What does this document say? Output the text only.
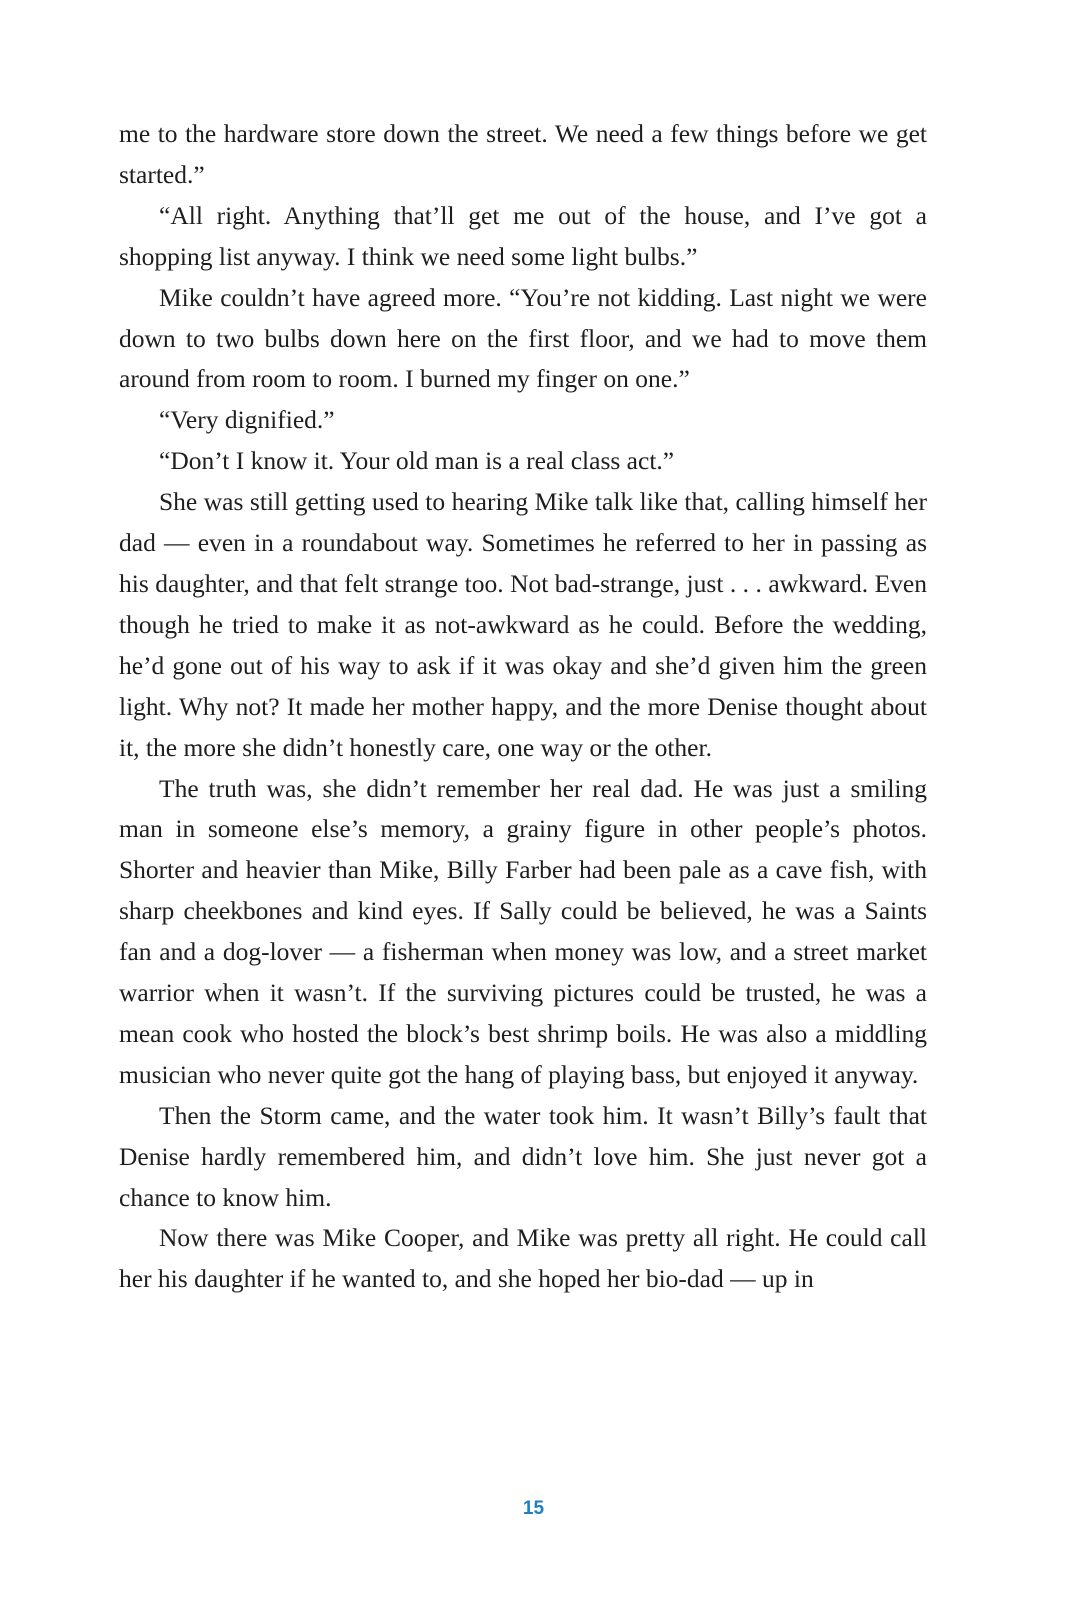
me to the hardware store down the street. We need a few things before we get started.”

“All right. Anything that’ll get me out of the house, and I’ve got a shopping list anyway. I think we need some light bulbs.”

Mike couldn’t have agreed more. “You’re not kidding. Last night we were down to two bulbs down here on the first floor, and we had to move them around from room to room. I burned my finger on one.”

“Very dignified.”

“Don’t I know it. Your old man is a real class act.”

She was still getting used to hearing Mike talk like that, calling himself her dad — even in a roundabout way. Sometimes he referred to her in passing as his daughter, and that felt strange too. Not bad-strange, just . . . awkward. Even though he tried to make it as not-awkward as he could. Before the wedding, he’d gone out of his way to ask if it was okay and she’d given him the green light. Why not? It made her mother happy, and the more Denise thought about it, the more she didn’t honestly care, one way or the other.

The truth was, she didn’t remember her real dad. He was just a smiling man in someone else’s memory, a grainy figure in other people’s photos. Shorter and heavier than Mike, Billy Farber had been pale as a cave fish, with sharp cheekbones and kind eyes. If Sally could be believed, he was a Saints fan and a dog-lover — a fisherman when money was low, and a street market warrior when it wasn’t. If the surviving pictures could be trusted, he was a mean cook who hosted the block’s best shrimp boils. He was also a middling musician who never quite got the hang of playing bass, but enjoyed it anyway.

Then the Storm came, and the water took him. It wasn’t Billy’s fault that Denise hardly remembered him, and didn’t love him. She just never got a chance to know him.

Now there was Mike Cooper, and Mike was pretty all right. He could call her his daughter if he wanted to, and she hoped her bio-dad — up in

15
